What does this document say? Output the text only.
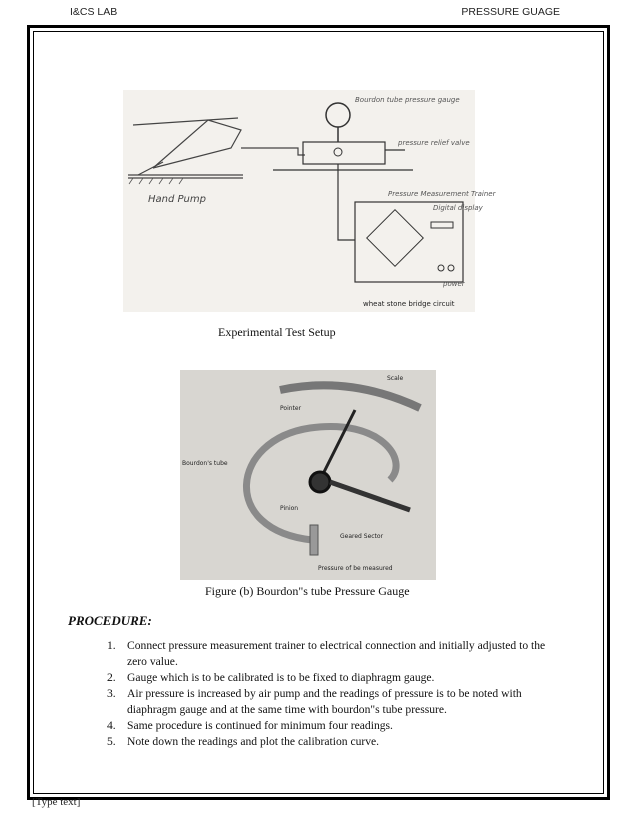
I&CS LAB	PRESSURE GUAGE
Hand Pump
Bourdon tube pressure gauge
pressure relief valve
Pressure Measurement Trainer
Digital display
power
wheat stone bridge circuit
Experimental Test Setup
Scale
Bourdon's tube
Pointer
Pinion
Geared Sector
Pressure of be measured
Figure (b) Bourdon"s tube Pressure Gauge
PROCEDURE:
1. Connect pressure measurement trainer to electrical connection and initially adjusted to the zero value.
2. Gauge which is to be calibrated is to be fixed to diaphragm gauge.
3. Air pressure is increased by air pump and the readings of pressure is to be noted with diaphragm gauge and at the same time with bourdon"s tube pressure.
4. Same procedure is continued for minimum four readings.
5. Note down the readings and plot the calibration curve.
[Type text]
